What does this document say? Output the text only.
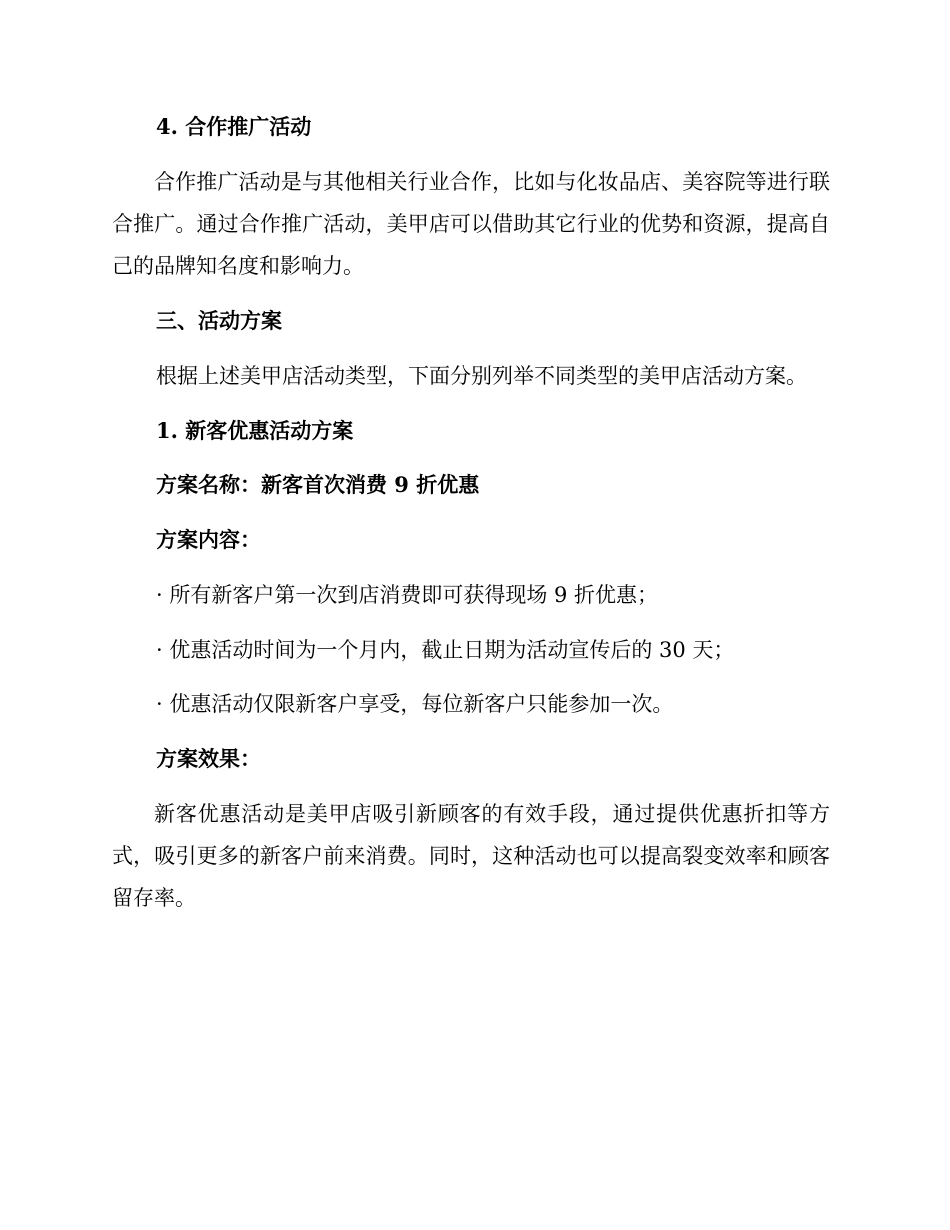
4. 合作推广活动

合作推广活动是与其他相关行业合作，比如与化妆品店、美容院等进行联合推广。通过合作推广活动，美甲店可以借助其它行业的优势和资源，提高自己的品牌知名度和影响力。

三、活动方案

根据上述美甲店活动类型，下面分别列举不同类型的美甲店活动方案。

1. 新客优惠活动方案

方案名称：新客首次消费 9 折优惠

方案内容：

· 所有新客户第一次到店消费即可获得现场 9 折优惠；

· 优惠活动时间为一个月内，截止日期为活动宣传后的 30 天；

· 优惠活动仅限新客户享受，每位新客户只能参加一次。

方案效果：

新客优惠活动是美甲店吸引新顾客的有效手段，通过提供优惠折扣等方式，吸引更多的新客户前来消费。同时，这种活动也可以提高裂变效率和顾客留存率。
